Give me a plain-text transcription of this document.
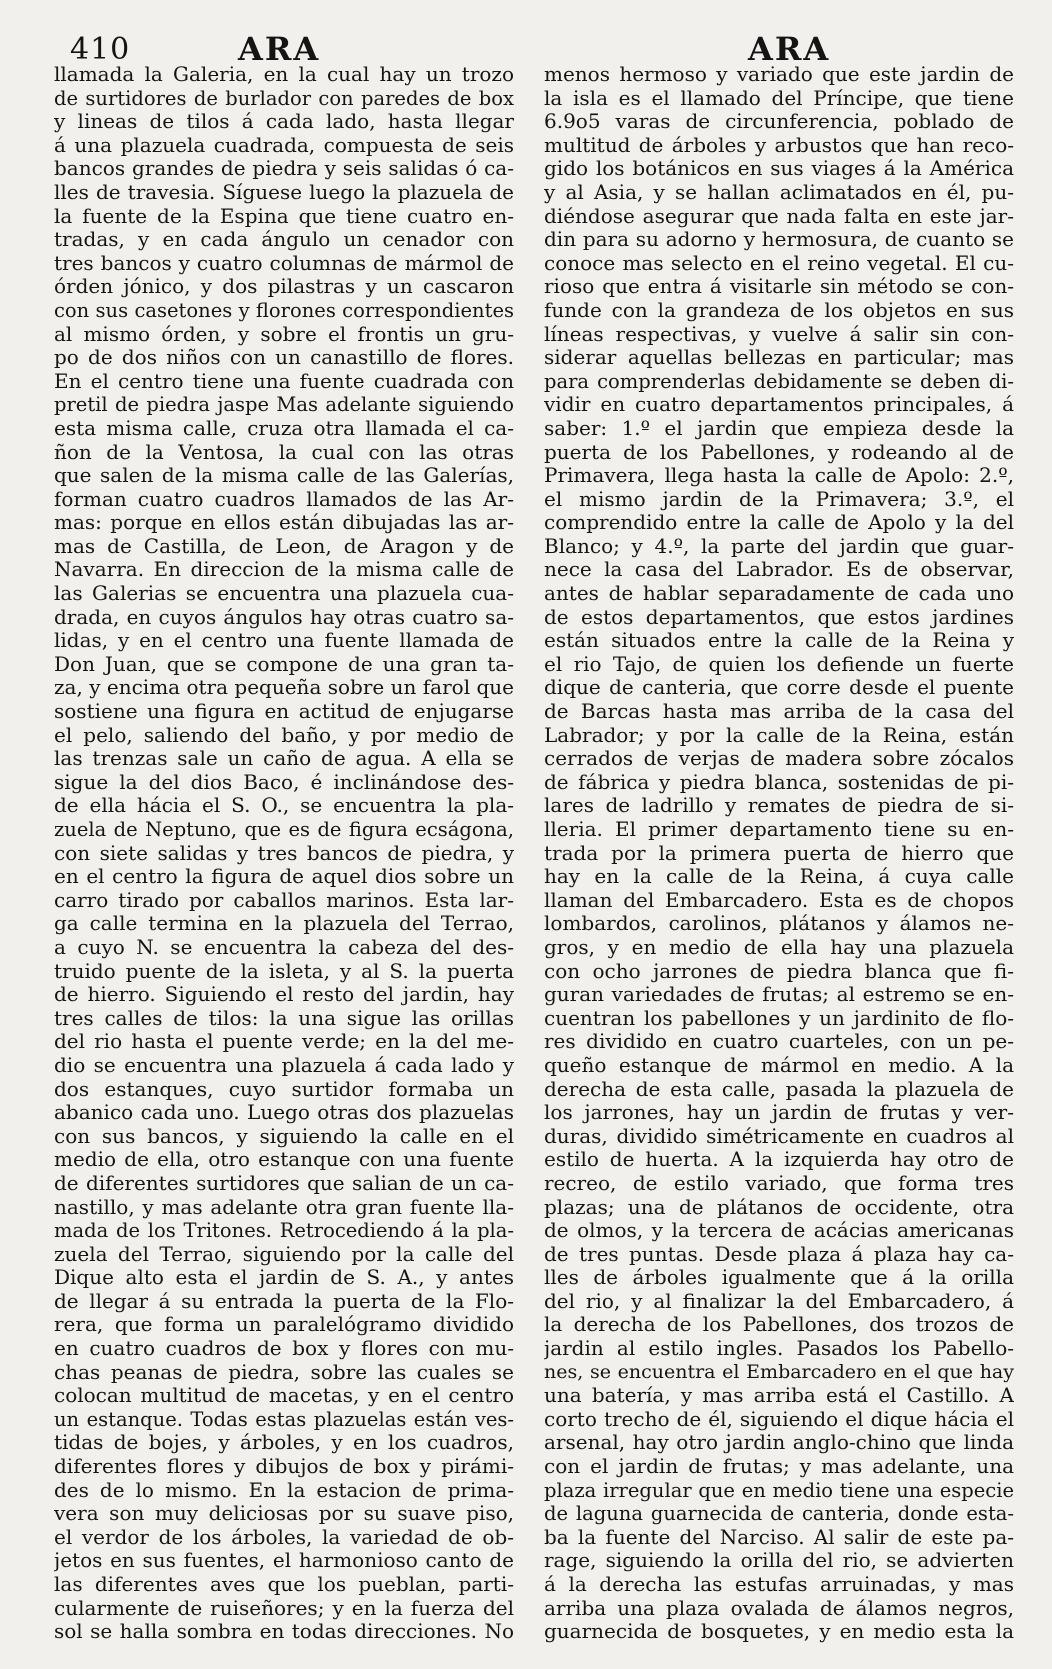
410	ARA	ARA
llamada la Galeria, en la cual hay un trozo
de surtidores de burlador con paredes de box
y lineas de tilos á cada lado, hasta llegar
á una plazuela cuadrada, compuesta de seis
bancos grandes de piedra y seis salidas ó ca-
lles de travesia. Síguese luego la plazuela de
la fuente de la Espina que tiene cuatro en-
tradas, y en cada ángulo un cenador con
tres bancos y cuatro columnas de mármol de
órden jónico, y dos pilastras y un cascaron
con sus casetones y florones correspondientes
al mismo órden, y sobre el frontis un gru-
po de dos niños con un canastillo de flores.
En el centro tiene una fuente cuadrada con
pretil de piedra jaspe Mas adelante siguiendo
esta misma calle, cruza otra llamada el ca-
ñon de la Ventosa, la cual con las otras
que salen de la misma calle de las Galerías,
forman cuatro cuadros llamados de las Ar-
mas: porque en ellos están dibujadas las ar-
mas de Castilla, de Leon, de Aragon y de
Navarra. En direccion de la misma calle de
las Galerias se encuentra una plazuela cua-
drada, en cuyos ángulos hay otras cuatro sa-
lidas, y en el centro una fuente llamada de
Don Juan, que se compone de una gran ta-
za, y encima otra pequeña sobre un farol que
sostiene una figura en actitud de enjugarse
el pelo, saliendo del baño, y por medio de
las trenzas sale un caño de agua. A ella se
sigue la del dios Baco, é inclinándose des-
de ella hácia el S. O., se encuentra la pla-
zuela de Neptuno, que es de figura ecságona,
con siete salidas y tres bancos de piedra, y
en el centro la figura de aquel dios sobre un
carro tirado por caballos marinos. Esta lar-
ga calle termina en la plazuela del Terrao,
a cuyo N. se encuentra la cabeza del des-
truido puente de la isleta, y al S. la puerta
de hierro. Siguiendo el resto del jardin, hay
tres calles de tilos: la una sigue las orillas
del rio hasta el puente verde; en la del me-
dio se encuentra una plazuela á cada lado y
dos estanques, cuyo surtidor formaba un
abanico cada uno. Luego otras dos plazuelas
con sus bancos, y siguiendo la calle en el
medio de ella, otro estanque con una fuente
de diferentes surtidores que salian de un ca-
nastillo, y mas adelante otra gran fuente lla-
mada de los Tritones. Retrocediendo á la pla-
zuela del Terrao, siguiendo por la calle del
Dique alto esta el jardin de S. A., y antes
de llegar á su entrada la puerta de la Flo-
rera, que forma un paralelógramo dividido
en cuatro cuadros de box y flores con mu-
chas peanas de piedra, sobre las cuales se
colocan multitud de macetas, y en el centro
un estanque. Todas estas plazuelas están ves-
tidas de bojes, y árboles, y en los cuadros,
diferentes flores y dibujos de box y pirámi-
des de lo mismo. En la estacion de prima-
vera son muy deliciosas por su suave piso,
el verdor de los árboles, la variedad de ob-
jetos en sus fuentes, el harmonioso canto de
las diferentes aves que los pueblan, parti-
cularmente de ruiseñores; y en la fuerza del
sol se halla sombra en todas direcciones. No
menos hermoso y variado que este jardin de
la isla es el llamado del Príncipe, que tiene
6.9o5 varas de circunferencia, poblado de
multitud de árboles y arbustos que han reco-
gido los botánicos en sus viages á la América
y al Asia, y se hallan aclimatados en él, pu-
diéndose asegurar que nada falta en este jar-
din para su adorno y hermosura, de cuanto se
conoce mas selecto en el reino vegetal. El cu-
rioso que entra á visitarle sin método se con-
funde con la grandeza de los objetos en sus
líneas respectivas, y vuelve á salir sin con-
siderar aquellas bellezas en particular; mas
para comprenderlas debidamente se deben di-
vidir en cuatro departamentos principales, á
saber: 1.º el jardin que empieza desde la
puerta de los Pabellones, y rodeando al de
Primavera, llega hasta la calle de Apolo: 2.º,
el mismo jardin de la Primavera; 3.º, el
comprendido entre la calle de Apolo y la del
Blanco; y 4.º, la parte del jardin que guar-
nece la casa del Labrador. Es de observar,
antes de hablar separadamente de cada uno
de estos departamentos, que estos jardines
están situados entre la calle de la Reina y
el rio Tajo, de quien los defiende un fuerte
dique de canteria, que corre desde el puente
de Barcas hasta mas arriba de la casa del
Labrador; y por la calle de la Reina, están
cerrados de verjas de madera sobre zócalos
de fábrica y piedra blanca, sostenidas de pi-
lares de ladrillo y remates de piedra de si-
lleria. El primer departamento tiene su en-
trada por la primera puerta de hierro que
hay en la calle de la Reina, á cuya calle
llaman del Embarcadero. Esta es de chopos
lombardos, carolinos, plátanos y álamos ne-
gros, y en medio de ella hay una plazuela
con ocho jarrones de piedra blanca que fi-
guran variedades de frutas; al estremo se en-
cuentran los pabellones y un jardinito de flo-
res dividido en cuatro cuarteles, con un pe-
queño estanque de mármol en medio. A la
derecha de esta calle, pasada la plazuela de
los jarrones, hay un jardin de frutas y ver-
duras, dividido simétricamente en cuadros al
estilo de huerta. A la izquierda hay otro de
recreo, de estilo variado, que forma tres
plazas; una de plátanos de occidente, otra
de olmos, y la tercera de acácias americanas
de tres puntas. Desde plaza á plaza hay ca-
lles de árboles igualmente que á la orilla
del rio, y al finalizar la del Embarcadero, á
la derecha de los Pabellones, dos trozos de
jardin al estilo ingles. Pasados los Pabello-
nes, se encuentra el Embarcadero en el que hay
una batería, y mas arriba está el Castillo. A
corto trecho de él, siguiendo el dique hácia el
arsenal, hay otro jardin anglo-chino que linda
con el jardin de frutas; y mas adelante, una
plaza irregular que en medio tiene una especie
de laguna guarnecida de canteria, donde esta-
ba la fuente del Narciso. Al salir de este pa-
rage, siguiendo la orilla del rio, se advierten
á la derecha las estufas arruinadas, y mas
arriba una plaza ovalada de álamos negros,
guarnecida de bosquetes, y en medio esta la
